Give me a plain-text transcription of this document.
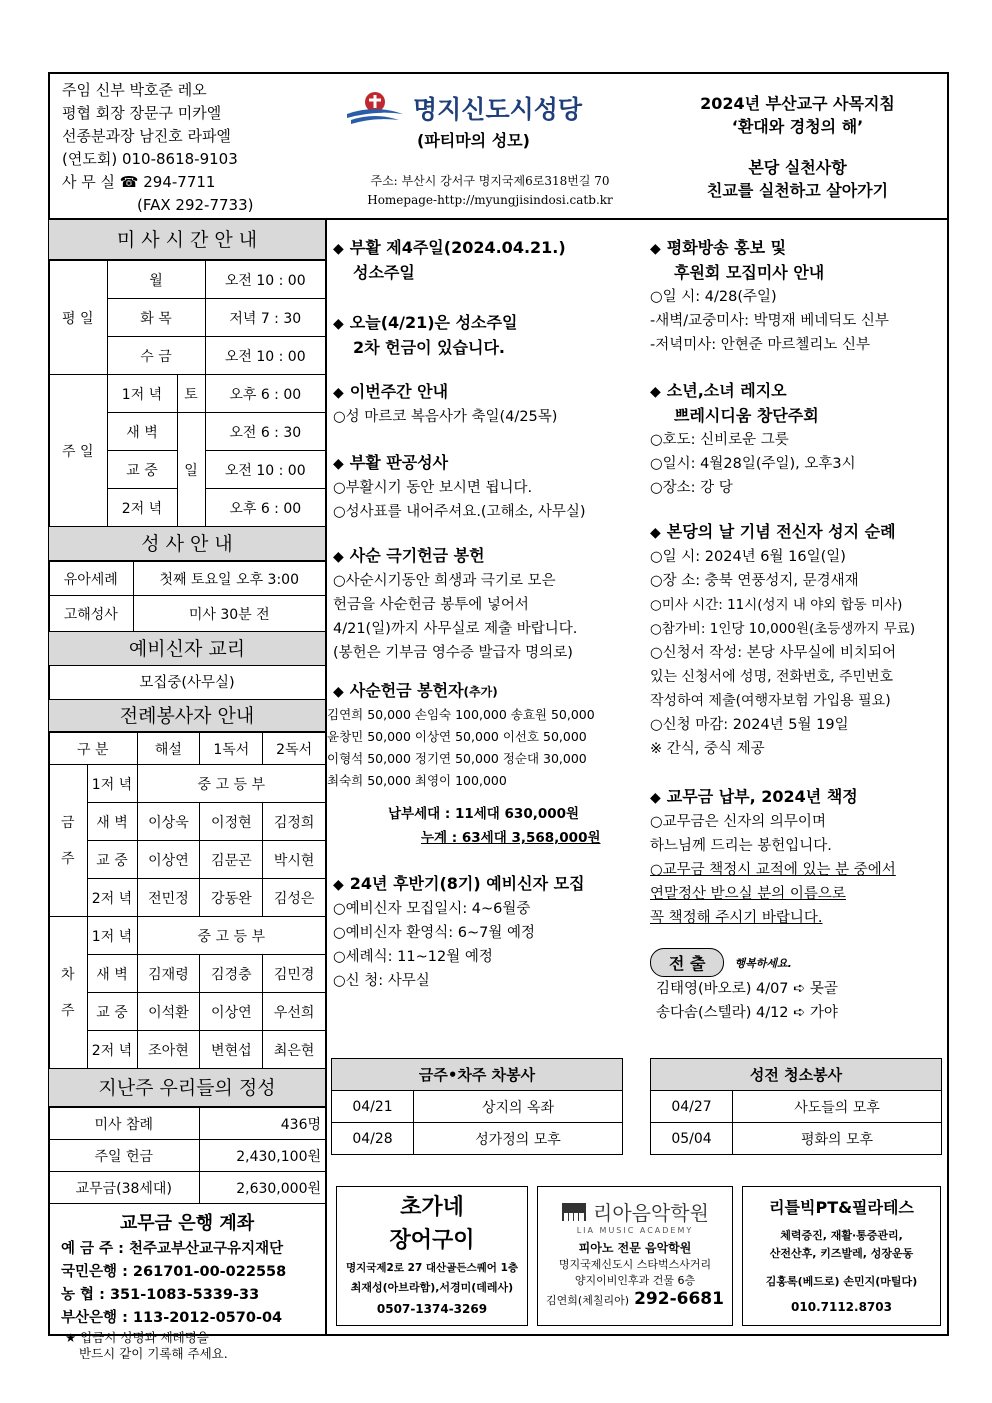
주임 신부 박호준 레오
평협 회장 장문구 미카엘
선종분과장 남진호 라파엘
(연도회) 010-8618-9103
사 무 실 ☎ 294-7711
(FAX 292-7733)
명지신도시성당
(파티마의 성모)
주소: 부산시 강서구 명지국제6로318번길 70
Homepage-http://myungjisindosi.catb.kr
2024년 부산교구 사목지침
‘환대와 경청의 해’
본당 실천사항
친교를 실천하고 살아가기
미 사 시 간 안 내
평 일	월		오전 10 : 00
	화 목		저녁 7 : 30
	수 금		오전 10 : 00
주 일	1저 녁	토	오후 6 : 00
	새 벽	일	오전 6 : 30
	교 중		오전 10 : 00
	2저 녁		오후 6 : 00
성 사 안 내
유아세례	첫째 토요일 오후 3:00
고해성사	미사 30분 전
예비신자 교리
모집중(사무실)
전례봉사자 안내
구 분		해설	1독서	2독서
금

주	1저 녁	중 고 등 부		
	새 벽	이상욱	이정현	김정희
	교 중	이상연	김문곤	박시현
	2저 녁	전민정	강동완	김성은
차

주	1저 녁	중 고 등 부		
	새 벽	김재령	김경충	김민경
	교 중	이석환	이상연	우선희
	2저 녁	조아현	변현섭	최은현
지난주 우리들의 정성
미사 참례	436명
주일 헌금	2,430,100원
교무금(38세대)	2,630,000원
교무금 은행 계좌
예 금 주 : 천주교부산교구유지재단
국민은행 : 261701-00-022558
농 협 : 351-1083-5339-33
부산은행 : 113-2012-0570-04
★ 입금시 성명과 세례명을
반드시 같이 기록해 주세요.
◆ 부활 제4주일(2024.04.21.)
성소주일
◆ 오늘(4/21)은 성소주일
2차 헌금이 있습니다.
◆ 이번주간 안내

○성 마르코 복음사가 축일(4/25목)

◆ 부활 판공성사

○부활시기 동안 보시면 됩니다.

○성사표를 내어주셔요.(고해소, 사무실)

◆ 사순 극기헌금 봉헌

○사순시기동안 희생과 극기로 모은

헌금을 사순헌금 봉투에 넣어서

4/21(일)까지 사무실로 제출 바랍니다.

(봉헌은 기부금 영수증 발급자 명의로)

◆ 사순헌금 봉헌자(추가)

김연희 50,000 손임숙 100,000 송효원 50,000

윤창민 50,000 이상연 50,000 이선호 50,000

이형석 50,000 정기연 50,000 정순대 30,000

최숙희 50,000 최영이 100,000

납부세대 : 11세대 630,000원

누계 : 63세대 3,568,000원

◆ 24년 후반기(8기) 예비신자 모집

○예비신자 모집일시: 4~6월중

○예비신자 환영식: 6~7월 예정

○세례식: 11~12월 예정

○신 청: 사무실

◆ 평화방송 홍보 및
후원회 모집미사 안내

○일 시: 4/28(주일)

-새벽/교중미사: 박명재 베네딕도 신부

-저녁미사: 안현준 마르첼리노 신부

◆ 소년,소녀 레지오
쁘레시디움 창단주회

○호도: 신비로운 그릇

○일시: 4월28일(주일), 오후3시

○장소: 강 당

◆ 본당의 날 기념 전신자 성지 순례

○일 시: 2024년 6월 16일(일)

○장 소: 충북 연풍성지, 문경새재

○미사 시간: 11시(성지 내 야외 합동 미사)

○참가비: 1인당 10,000원(초등생까지 무료)

○신청서 작성: 본당 사무실에 비치되어

있는 신청서에 성명, 전화번호, 주민번호

작성하여 제출(여행자보험 가입용 필요)

○신청 마감: 2024년 5월 19일

※ 간식, 중식 제공

◆ 교무금 납부, 2024년 책정

○교무금은 신자의 의무이며

하느님께 드리는 봉헌입니다.

○교무금 책정시 교적에 있는 분 중에서

연말정산 받으실 분의 이름으로

꼭 책정해 주시기 바랍니다.

전 출	행복하세요.

김태영(바오로) 4/07 ➪ 못골

송다솜(스텔라) 4/12 ➪ 가야

금주•차주 차봉사	
04/21	상지의 옥좌
04/28	성가정의 모후
성전 청소봉사	
04/27	사도들의 모후
05/04	평화의 모후
초가네
장어구이
명지국제2로 27 대산골든스퀘어 1층
최재성(아브라함),서경미(데레사)
0507-1374-3269
리아음악학원
LIA MUSIC ACADEMY
피아노 전문 음악학원
명지국제신도시 스타벅스사거리
양지이비인후과 건물 6층
김연희(체칠리아) 292-6681
리틀빅PT&필라테스
체력증진, 재활·통증관리,
산전산후, 키즈발레, 성장운동
김홍록(베드로) 손민지(마틸다)
010.7112.8703
